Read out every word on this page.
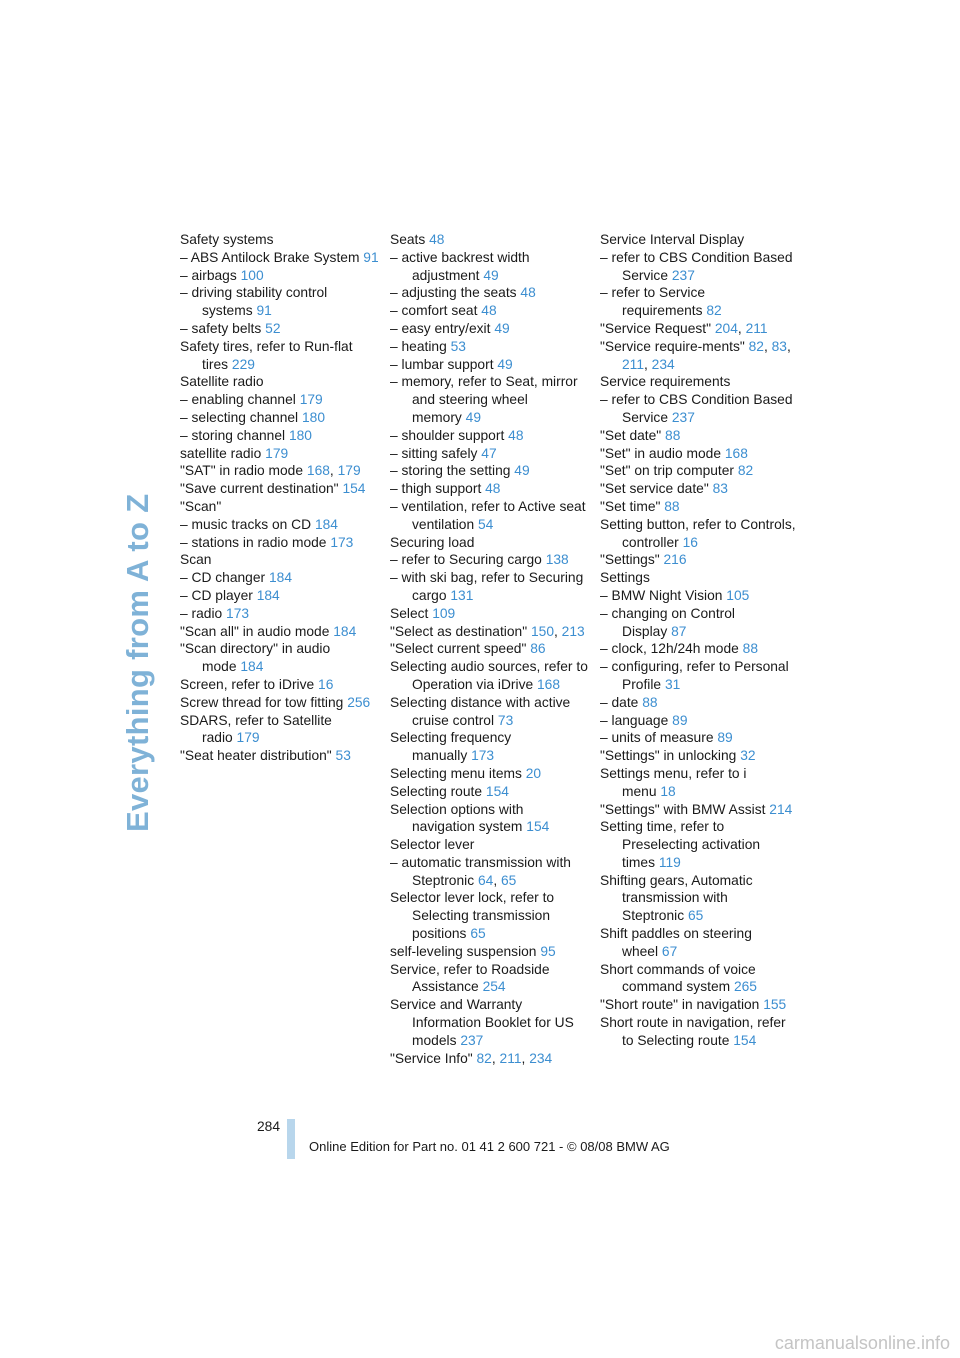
Everything from A to Z
Safety systems
– ABS Antilock Brake System 91
– airbags 100
– driving stability control systems 91
– safety belts 52
Safety tires, refer to Run-flat tires 229
Satellite radio
– enabling channel 179
– selecting channel 180
– storing channel 180
satellite radio 179
"SAT" in radio mode 168, 179
"Save current destination" 154
"Scan"
– music tracks on CD 184
– stations in radio mode 173
Scan
– CD changer 184
– CD player 184
– radio 173
"Scan all" in audio mode 184
"Scan directory" in audio mode 184
Screen, refer to iDrive 16
Screw thread for tow fitting 256
SDARS, refer to Satellite radio 179
"Seat heater distribution" 53
Seats 48
– active backrest width adjustment 49
– adjusting the seats 48
– comfort seat 48
– easy entry/exit 49
– heating 53
– lumbar support 49
– memory, refer to Seat, mirror and steering wheel memory 49
– shoulder support 48
– sitting safely 47
– storing the setting 49
– thigh support 48
– ventilation, refer to Active seat ventilation 54
Securing load
– refer to Securing cargo 138
– with ski bag, refer to Securing cargo 131
Select 109
"Select as destination" 150, 213
"Select current speed" 86
Selecting audio sources, refer to Operation via iDrive 168
Selecting distance with active cruise control 73
Selecting frequency manually 173
Selecting menu items 20
Selecting route 154
Selection options with navigation system 154
Selector lever
– automatic transmission with Steptronic 64, 65
Selector lever lock, refer to Selecting transmission positions 65
self-leveling suspension 95
Service, refer to Roadside Assistance 254
Service and Warranty Information Booklet for US models 237
"Service Info" 82, 211, 234
Service Interval Display
– refer to CBS Condition Based Service 237
– refer to Service requirements 82
"Service Request" 204, 211
"Service require-ments" 82, 83, 211, 234
Service requirements
– refer to CBS Condition Based Service 237
"Set date" 88
"Set" in audio mode 168
"Set" on trip computer 82
"Set service date" 83
"Set time" 88
Setting button, refer to Controls, controller 16
"Settings" 216
Settings
– BMW Night Vision 105
– changing on Control Display 87
– clock, 12h/24h mode 88
– configuring, refer to Personal Profile 31
– date 88
– language 89
– units of measure 89
"Settings" in unlocking 32
Settings menu, refer to i menu 18
"Settings" with BMW Assist 214
Setting time, refer to Preselecting activation times 119
Shifting gears, Automatic transmission with Steptronic 65
Shift paddles on steering wheel 67
Short commands of voice command system 265
"Short route" in navigation 155
Short route in navigation, refer to Selecting route 154
284
Online Edition for Part no. 01 41 2 600 721 - © 08/08 BMW AG
carmanualsonline.info
